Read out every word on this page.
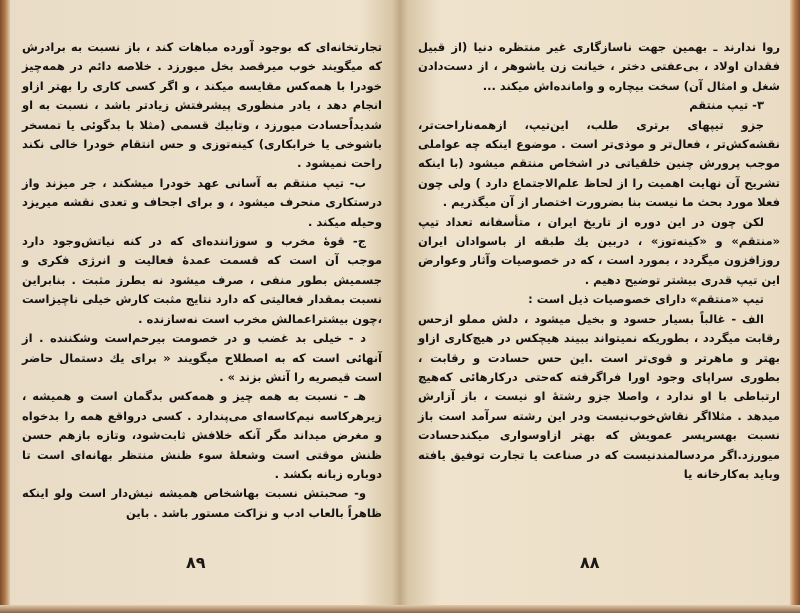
تجارتخانه‌ای که بوجود آورده مباهات کند ، باز نسبت به برادرش که میگویند خوب میرقصد بخل میورزد . خلاصه دائم در همه‌چیز خودرا با همه‌کس مقایسه میکند ، و اگر کسی کاری را بهتر ازاو انجام دهد ، یادر منظوری پیشرفتش زیادتر باشد ، نسبت به او شدیداًحسادت میورزد ، وتابیك قسمی (مثلا با بدگوئی یا تمسخر باشوخی یا خرابکاری) کینه‌توزی و حس انتقام خودرا خالی نکند راحت نمیشود .

ب- تیپ منتقم به آسانی عهد خودرا میشکند ، جر میزند واز درستکاری منحرف میشود ، و برای اجحاف و تعدی نقشه میریزد وحیله میکند .

ج- قوۀ مخرب و سوزاننده‌ای که در کنه نیاتش‌وجود دارد موجب آن است که قسمت عمدۀ فعالیت و انرژی فکری و جسمیش بطور منفی ، صرف میشود نه بطرز مثبت . بنابراین نسبت بمقدار فعالیتی که دارد نتایج مثبت کارش خیلی ناچیزاست ،چون بیشتراعمالش مخرب است نه‌سازنده .

د - خیلی بد غضب و در خصومت بیرحم‌است وشکننده . از آنهائی است که به اصطلاح میگویند « برای یك دستمال حاضر است قیصریه را آتش بزند » .

هـ - نسبت به همه چیز و همه‌کس بدگمان است و همیشه ، زیرهرکاسه نیم‌کاسه‌ای می‌پندارد . کسی درواقع همه را بدخواه و مغرض میداند مگر آنکه خلافش ثابت‌شود، وتازه بازهم حسن ظنش موقتی است وشعلۀ سوء ظنش منتظر بهانه‌ای است تا دوباره زبانه بکشد .

و- صحبتش نسبت بهاشخاص همیشه نیش‌دار است ولو اینکه ظاهراً بالعاب ادب و نزاکت مستور باشد . باین

۸۹

روا ندارند ـ بهمین جهت ناسازگاری غیر منتظره دنیا (از قبیل فقدان اولاد ، بی‌عفتی دختر ، خیانت زن یاشوهر ، از دست‌دادن شغل و امثال آن) سخت بیچاره و وامانده‌اش میکند ...

۳- تیپ منتقم

جزو تیپهای برتری طلب، این‌تیپ، ازهمه‌ناراحت‌تر، نقشه‌کش‌تر ، فعال‌تر و موذی‌تر است . موضوع اینکه چه عواملی موجب پرورش چنین خلقیاتی در اشخاص منتقم میشود (با اینکه تشریح آن نهایت اهمیت را از لحاظ علم‌الاجتماع دارد ) ولی چون فعلا مورد بحث ما نیست بنا بضرورت اختصار از آن میگذریم .

لکن چون در این دوره از تاریخ ایران ، متأسفانه تعداد تیپ «منتقم» و «کینه‌توز» ، دربین یك طبقه از باسوادان ایران روزافزون میگردد ، بمورد است ، که در خصوصیات وآثار وعوارض این تیپ قدری بیشتر توضیح دهیم .

تیپ «منتقم» دارای خصوصیات ذیل است :

الف - غالباً بسیار حسود و بخیل میشود ، دلش مملو ازحس رقابت میگردد ، بطوریکه نمیتواند ببیند هیچکس در هیچ‌کاری ازاو بهتر و ماهرتر و قوی‌تر است .این حس حسادت و رقابت ، بطوری سراپای وجود اورا فراگرفته که‌حتی درکارهائی که‌هیچ ارتباطی با او ندارد ، واصلا جزو رشتۀ او نیست ، باز آزارش میدهد . مثلااگر نقاش‌خوب‌نیست ودر این رشته سرآمد است باز نسبت بهسرپسر عمویش که بهتر ازاوسواری میکندحسادت میورزد.اگر مردسالمندنیست که در صناعت یا تجارت توفیق یافته وباید به‌کارخانه یا

۸۸
